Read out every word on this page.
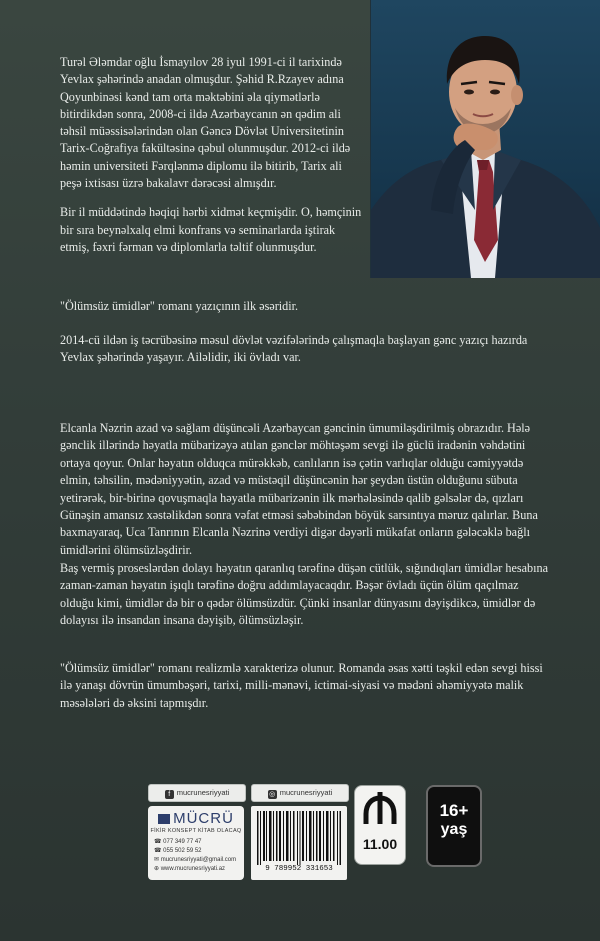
Turəl Ələmdar oğlu İsmayılov 28 iyul 1991-ci il tarixində Yevlax şəhərində anadan olmuşdur. Şəhid R.Rzayev adına Qoyunbinəsi kənd tam orta məktəbini əla qiymətlərlə bitirdikdən sonra, 2008-ci ildə Azərbaycanın ən qədim ali təhsil müəssisələrindən olan Gəncə Dövlət Universitetinin Tarix-Coğrafiya fakültəsinə qəbul olunmuşdur. 2012-ci ildə həmin universiteti Fərqlənmə diplomu ilə bitirib, Tarix ali peşə ixtisası üzrə bakalavr dərəcəsi almışdır.

Bir il müddətində həqiqi hərbi xidmət keçmişdir. O, həmçinin bir sıra beynəlxalq elmi konfrans və seminarlarda iştirak etmiş, fəxri fərman və diplomlarla təltif olunmuşdur.

"Ölümsüz ümidlər" romanı yazıçının ilk əsəridir.

2014-cü ildən iş təcrübəsinə məsul dövlət vəzifələrində çalışmaqla başlayan gənc yazıçı hazırda Yevlax şəhərində yaşayır. Ailəlidir, iki övladı var.

Elcanla Nəzrin azad və sağlam düşüncəli Azərbaycan gəncinin ümumiləşdirilmiş obrazıdır. Hələ gənclik illərində həyatla mübarizəyə atılan gənclər möhtəşəm sevgi ilə güclü iradənin vəhdətini ortaya qoyur. Onlar həyatın olduqca mürəkkəb, canlıların isə çətin varlıqlar olduğu cəmiyyətdə elmin, təhsilin, mədəniyyətin, azad və müstəqil düşüncənin hər şeydən üstün olduğunu sübuta yetirərək, bir-birinə qovuşmaqla həyatla mübarizənin ilk mərhələsində qalib gəlsələr də, qızları Günəşin amansız xəstəlikdən sonra vəfat etməsi səbəbindən böyük sarsıntıya məruz qalırlar. Buna baxmayaraq, Uca Tanrının Elcanla Nəzrinə verdiyi digər dəyərli mükafat onların gələcəklə bağlı ümidlərini ölümsüzləşdirir.

Baş vermiş proseslərdən dolayı həyatın qaranlıq tərəfinə düşən cütlük, sığındıqları ümidlər hesabına zaman-zaman həyatın işıqlı tərəfinə doğru addımlayacaqdır. Bəşər övladı üçün ölüm qaçılmaz olduğu kimi, ümidlər də bir o qədər ölümsüzdür. Çünki insanlar dünyasını dəyişdikcə, ümidlər də dolayısı ilə insandan insana dəyişib, ölümsüzləşir.

"Ölümsüz ümidlər" romanı realizmlə xarakterizə olunur. Romanda əsas xətti təşkil edən sevgi hissi ilə yanaşı dövrün ümumbəşəri, tarixi, milli-mənəvi, ictimai-siyasi və mədəni əhəmiyyətə malik məsələləri də əksini tapmışdır.

f mucrunesriyyati	◎ mucrunesriyyati
MÜCRÜ
FİKİR KONSEPT KİTAB OLACAQ
☎ 077 349 77 47
☎ 055 502 59 52
✉ mucrunesriyyati@gmail.com
⊕ www.mucrunesriyyati.az	9 789952 331653
11.00
16+
yaş
